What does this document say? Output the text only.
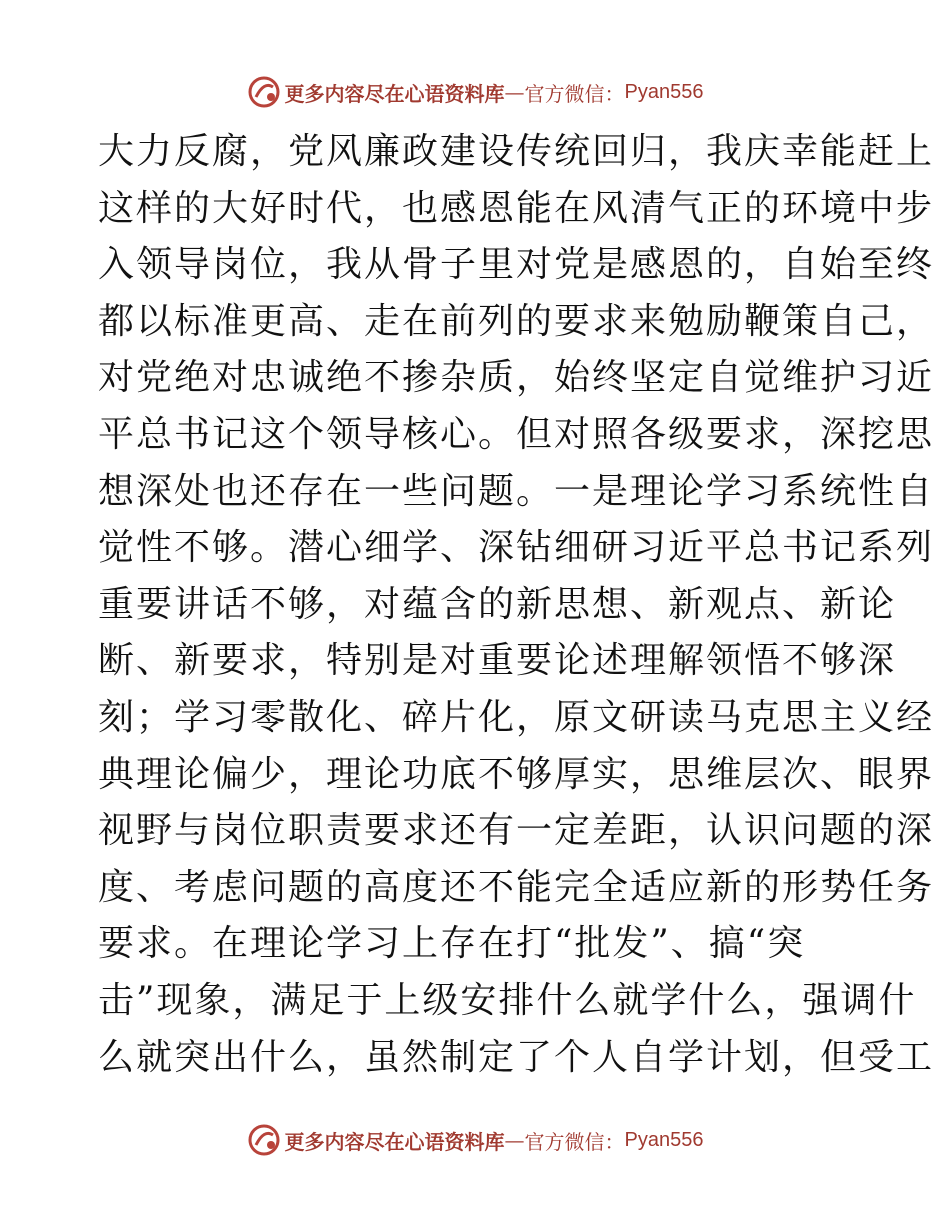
更多内容尽在心语资料库 — 官方微信： Pyan556
大力反腐，党风廉政建设传统回归，我庆幸能赶上
这样的大好时代，也感恩能在风清气正的环境中步
入领导岗位，我从骨子里对党是感恩的，自始至终
都以标准更高、走在前列的要求来勉励鞭策自己，
对党绝对忠诚绝不掺杂质，始终坚定自觉维护习近
平总书记这个领导核心。但对照各级要求，深挖思
想深处也还存在一些问题。一是理论学习系统性自
觉性不够。潜心细学、深钻细研习近平总书记系列
重要讲话不够，对蕴含的新思想、新观点、新论
断、新要求，特别是对重要论述理解领悟不够深
刻；学习零散化、碎片化，原文研读马克思主义经
典理论偏少，理论功底不够厚实，思维层次、眼界
视野与岗位职责要求还有一定差距，认识问题的深
度、考虑问题的高度还不能完全适应新的形势任务
要求。在理论学习上存在打“批发”、搞“突
击”现象，满足于上级安排什么就学什么，强调什
么就突出什么，虽然制定了个人自学计划，但受工
更多内容尽在心语资料库 — 官方微信： Pyan556
